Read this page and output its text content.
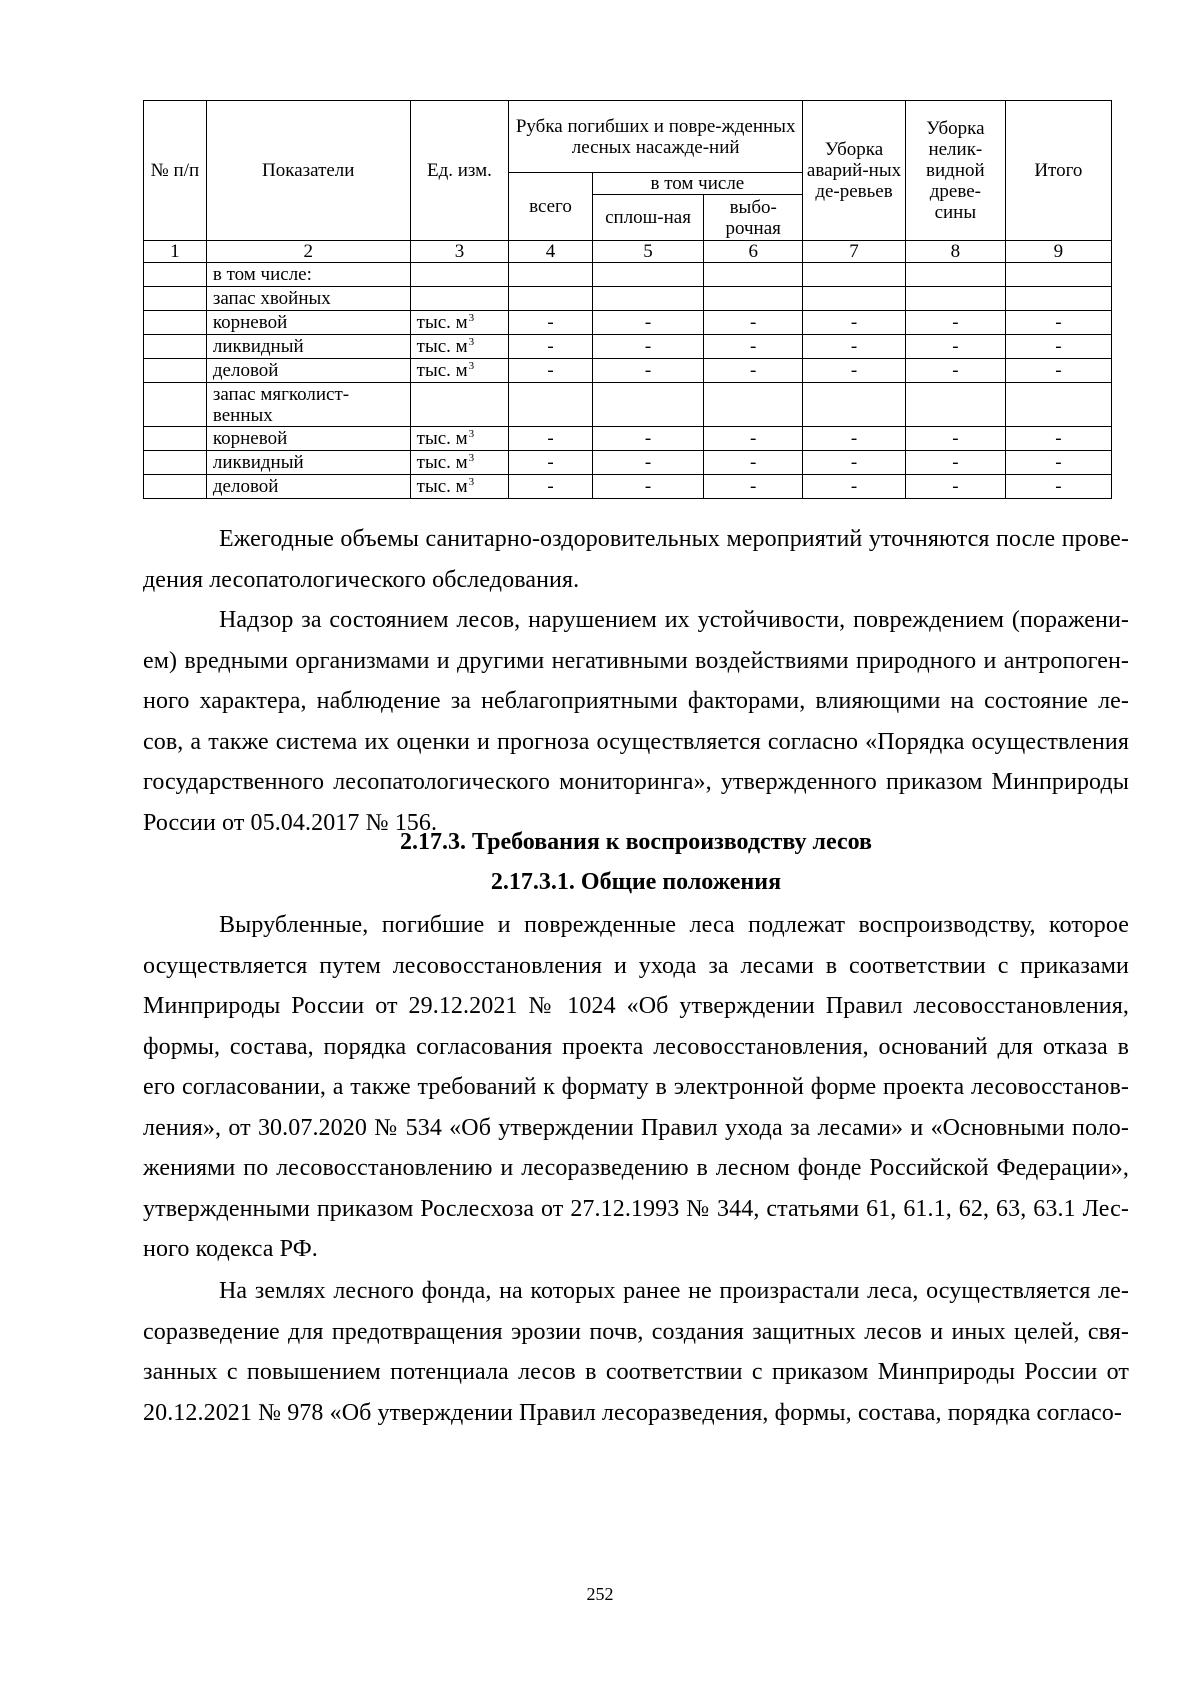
№ п/п	Показатели	Ед. изм.	Рубка погибших и повре-жденных лесных насажде-ний			Уборка аварий-ных де-ревьев	Уборка нелик-видной древе-сины	Итого
			всего	в том числе				
				сплош-ная	выбо-рочная			
1	2	3	4	5	6	7	8	9
	в том числе:							
	запас хвойных							
	корневой	тыс. $м^3$	-	-	-	-	-	-
	ликвидный	тыс. $м^3$	-	-	-	-	-	-
	деловой	тыс. $м^3$	-	-	-	-	-	-
	запас мягколист-венных							
	корневой	тыс. $м^3$	-	-	-	-	-	-
	ликвидный	тыс. $м^3$	-	-	-	-	-	-
	деловой	тыс. $м^3$	-	-	-	-	-	-

Ежегодные объемы санитарно-оздоровительных мероприятий уточняются после прове-дения лесопатологического обследования.

Надзор за состоянием лесов, нарушением их устойчивости, повреждением (поражени-ем) вредными организмами и другими негативными воздействиями природного и антропоген-ного характера, наблюдение за неблагоприятными факторами, влияющими на состояние ле-сов, а также система их оценки и прогноза осуществляется согласно «Порядка осуществления государственного лесопатологического мониторинга», утвержденного приказом Минприроды России от 05.04.2017 № 156.

2.17.3. Требования к воспроизводству лесов

2.17.3.1. Общие положения

Вырубленные, погибшие и поврежденные леса подлежат воспроизводству, которое осуществляется путем лесовосстановления и ухода за лесами в соответствии с приказами Минприроды России от 29.12.2021 № 1024 «Об утверждении Правил лесовосстановления, формы, состава, порядка согласования проекта лесовосстановления, оснований для отказа в его согласовании, а также требований к формату в электронной форме проекта лесовосстанов-ления», от 30.07.2020 № 534 «Об утверждении Правил ухода за лесами» и «Основными поло-жениями по лесовосстановлению и лесоразведению в лесном фонде Российской Федерации», утвержденными приказом Рослесхоза от 27.12.1993 № 344, статьями 61, 61.1, 62, 63, 63.1 Лес-ного кодекса РФ.

На землях лесного фонда, на которых ранее не произрастали леса, осуществляется ле-соразведение для предотвращения эрозии почв, создания защитных лесов и иных целей, свя-занных с повышением потенциала лесов в соответствии с приказом Минприроды России от 20.12.2021 № 978 «Об утверждении Правил лесоразведения, формы, состава, порядка согласо-

252
